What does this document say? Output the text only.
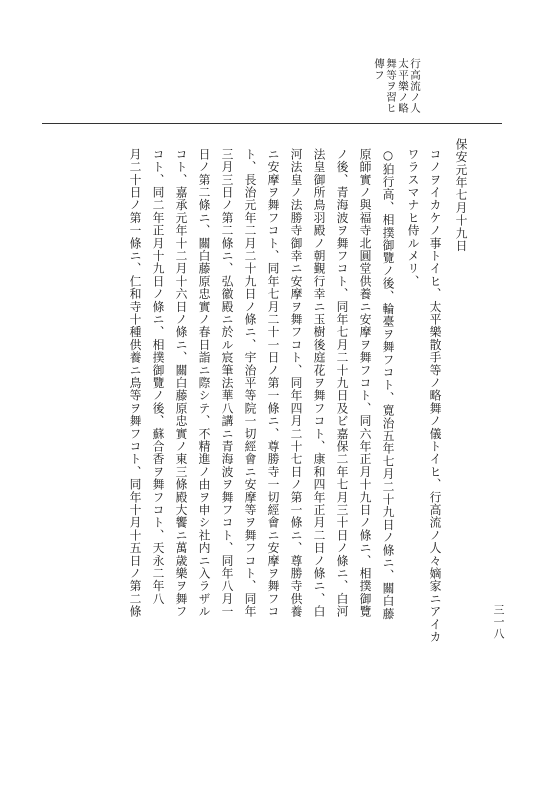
行高流ノ人
太平樂ノ略
舞等ヲ習ヒ
傳フ
三一八
保安元年七月十九日
コノヲイカケノ事トイヒ、太平樂散手等ノ略舞ノ儀トイヒ、行高流ノ人々嫡家ニアイカ
ワラスマナヒ侍ルメリ、
○狛行高、相撲御覽ノ後、輪臺ヲ舞フコト、寛治五年七月二十九日ノ條ニ、關白藤
原師實ノ與福寺北圓堂供養ニ安摩ヲ舞フコト、同六年正月十九日ノ條ニ、相撲御覽
ノ後、青海波ヲ舞フコト、同年七月二十九日及ビ嘉保二年七月三十日ノ條ニ、白河
法皇御所鳥羽殿ノ朝覲行幸ニ玉樹後庭花ヲ舞フコト、康和四年正月二日ノ條ニ、白
河法皇ノ法勝寺御幸ニ安摩ヲ舞フコト、同年四月二十七日ノ第一條ニ、尊勝寺供養
ニ安摩ヲ舞フコト、同年七月二十一日ノ第一條ニ、尊勝寺一切經會ニ安摩ヲ舞フコ
ト、長治元年二月二十九日ノ條ニ、宇治平等院一切經會ニ安摩等ヲ舞フコト、同年
三月三日ノ第二條ニ、弘徽殿ニ於ル宸筆法華八講ニ青海波ヲ舞フコト、同年八月一
日ノ第二條ニ、關白藤原忠實ノ春日詣ニ際シテ、不精進ノ由ヲ申シ社内ニ入ラザル
コト、嘉承元年十二月十六日ノ條ニ、關白藤原忠實ノ東三條殿大饗ニ萬歳樂ヲ舞フ
コト、同二年正月十九日ノ條ニ、相撲御覽ノ後、蘇合香ヲ舞フコト、天永二年八
月二十日ノ第一條ニ、仁和寺十種供養ニ鳥等ヲ舞フコト、同年十月十五日ノ第二條
